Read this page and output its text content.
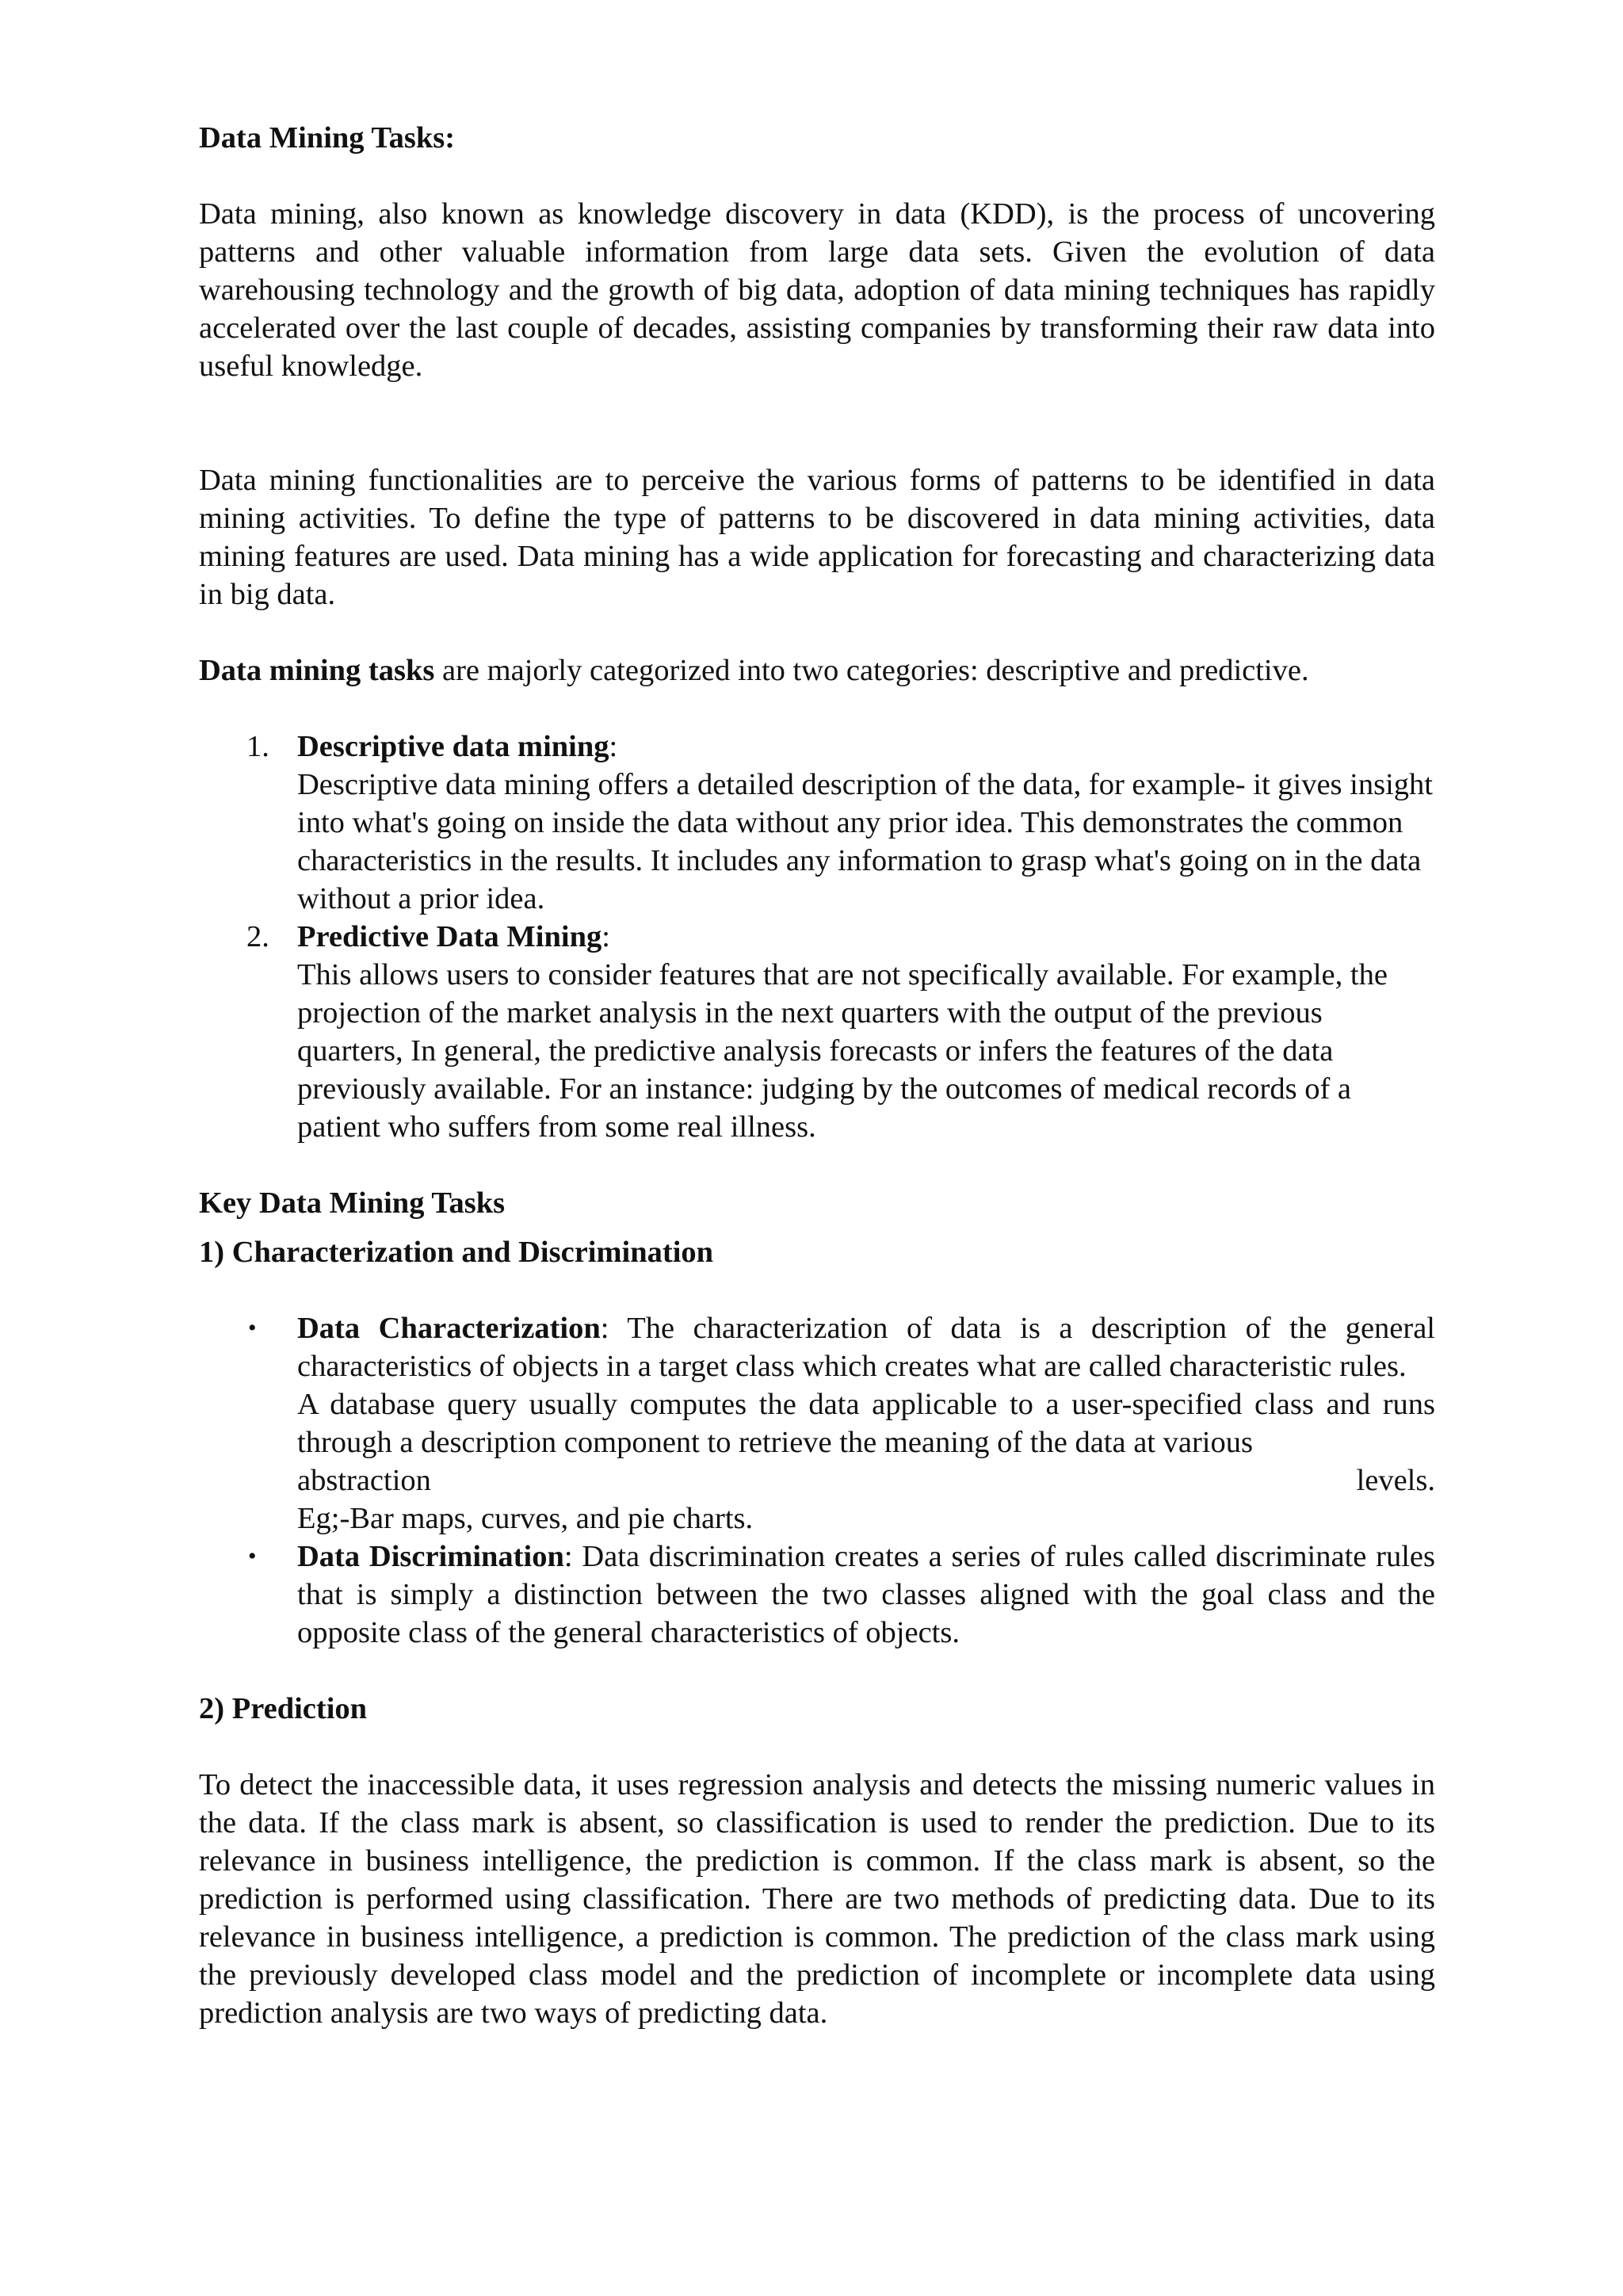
Data Mining Tasks:

Data mining, also known as knowledge discovery in data (KDD), is the process of uncovering patterns and other valuable information from large data sets. Given the evolution of data warehousing technology and the growth of big data, adoption of data mining techniques has rapidly accelerated over the last couple of decades, assisting companies by transforming their raw data into useful knowledge.

Data mining functionalities are to perceive the various forms of patterns to be identified in data mining activities. To define the type of patterns to be discovered in data mining activities, data mining features are used. Data mining has a wide application for forecasting and characterizing data in big data.

Data mining tasks are majorly categorized into two categories: descriptive and predictive.

1. Descriptive data mining:
Descriptive data mining offers a detailed description of the data, for example- it gives insight into what's going on inside the data without any prior idea. This demonstrates the common characteristics in the results. It includes any information to grasp what's going on in the data without a prior idea.
2. Predictive Data Mining:
This allows users to consider features that are not specifically available. For example, the projection of the market analysis in the next quarters with the output of the previous quarters, In general, the predictive analysis forecasts or infers the features of the data previously available. For an instance: judging by the outcomes of medical records of a patient who suffers from some real illness.

Key Data Mining Tasks

1) Characterization and Discrimination

• Data Characterization: The characterization of data is a description of the general characteristics of objects in a target class which creates what are called characteristic rules.
A database query usually computes the data applicable to a user-specified class and runs through a description component to retrieve the meaning of the data at various
abstraction	levels.
Eg;-Bar maps, curves, and pie charts.
• Data Discrimination: Data discrimination creates a series of rules called discriminate rules that is simply a distinction between the two classes aligned with the goal class and the opposite class of the general characteristics of objects.

2) Prediction

To detect the inaccessible data, it uses regression analysis and detects the missing numeric values in the data. If the class mark is absent, so classification is used to render the prediction. Due to its relevance in business intelligence, the prediction is common. If the class mark is absent, so the prediction is performed using classification. There are two methods of predicting data. Due to its relevance in business intelligence, a prediction is common. The prediction of the class mark using the previously developed class model and the prediction of incomplete or incomplete data using prediction analysis are two ways of predicting data.
